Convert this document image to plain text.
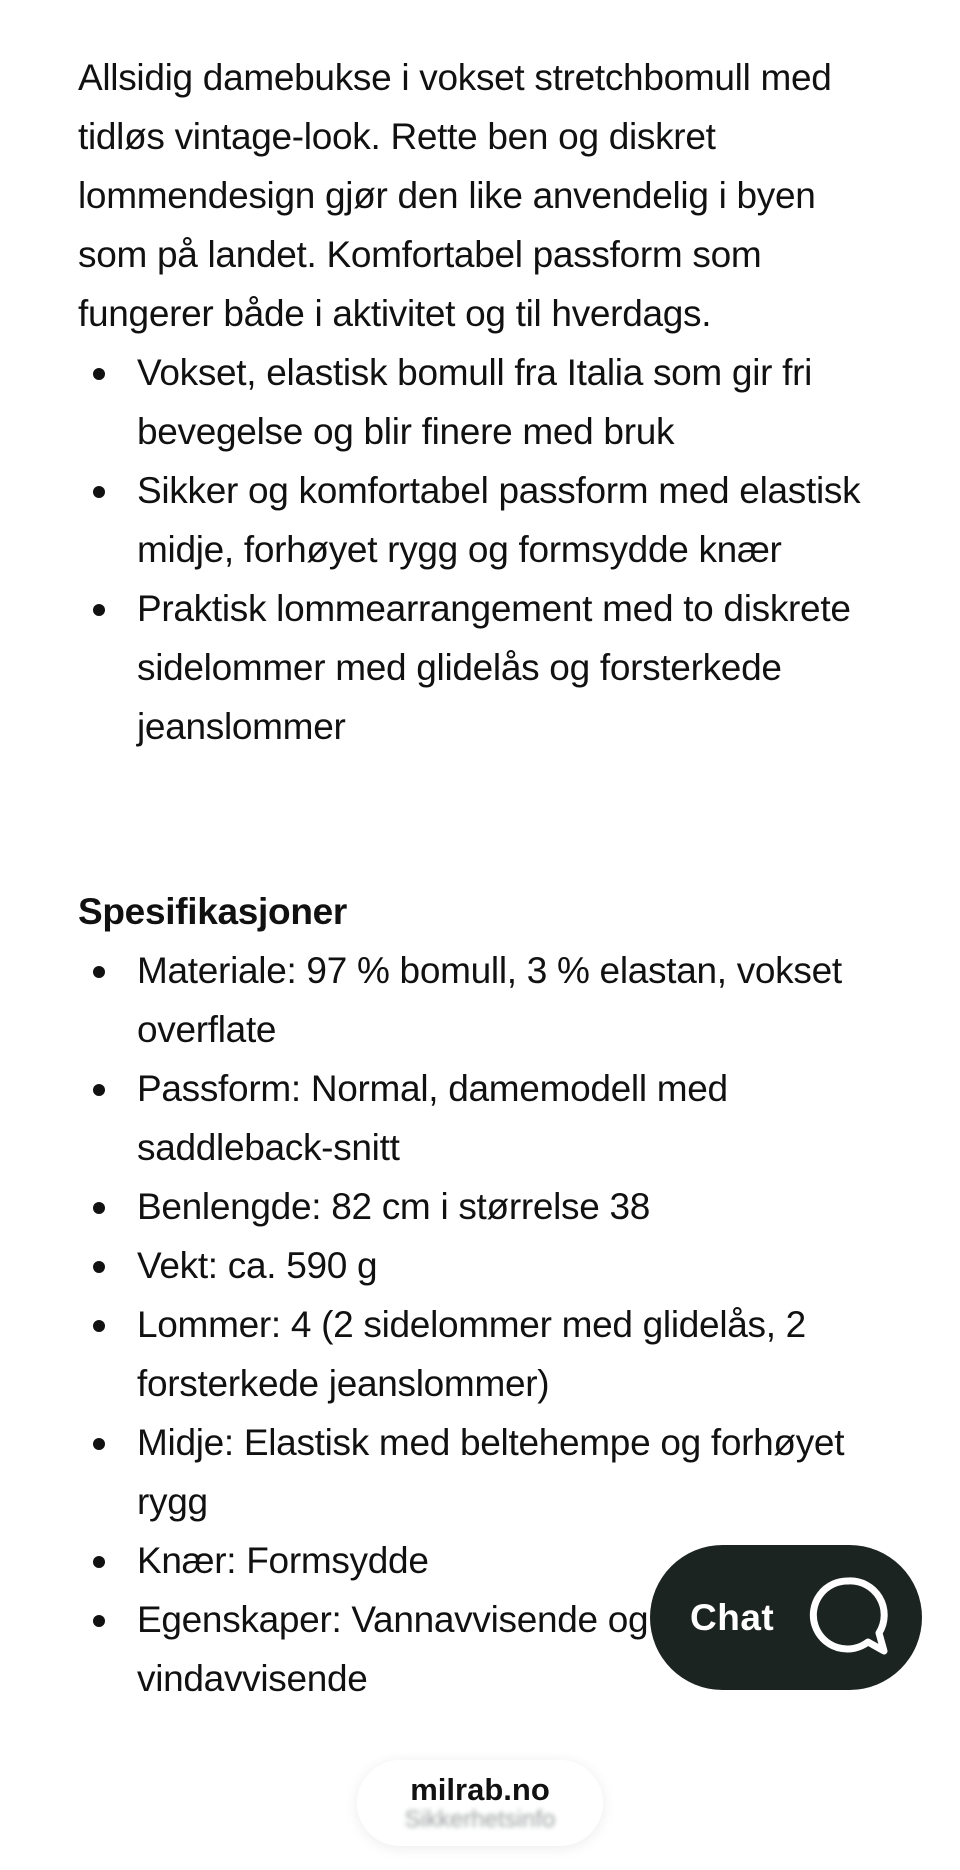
Allsidig damebukse i vokset stretchbomull med tidløs vintage-look. Rette ben og diskret lommendesign gjør den like anvendelig i byen som på landet. Komfortabel passform som fungerer både i aktivitet og til hverdags.

Vokset, elastisk bomull fra Italia som gir fri bevegelse og blir finere med bruk
Sikker og komfortabel passform med elastisk midje, forhøyet rygg og formsydde knær
Praktisk lommearrangement med to diskrete sidelommer med glidelås og forsterkede jeanslommer
Spesifikasjoner
Materiale: 97 % bomull, 3 % elastan, vokset overflate
Passform: Normal, damemodell med saddleback-snitt
Benlengde: 82 cm i størrelse 38
Vekt: ca. 590 g
Lommer: 4 (2 sidelommer med glidelås, 2 forsterkede jeanslommer)
Midje: Elastisk med beltehempe og forhøyet rygg
Knær: Formsydde
Egenskaper: Vannavvisende og vindavvisende
Chat
milrab.no
Sikkerhetsinfo
